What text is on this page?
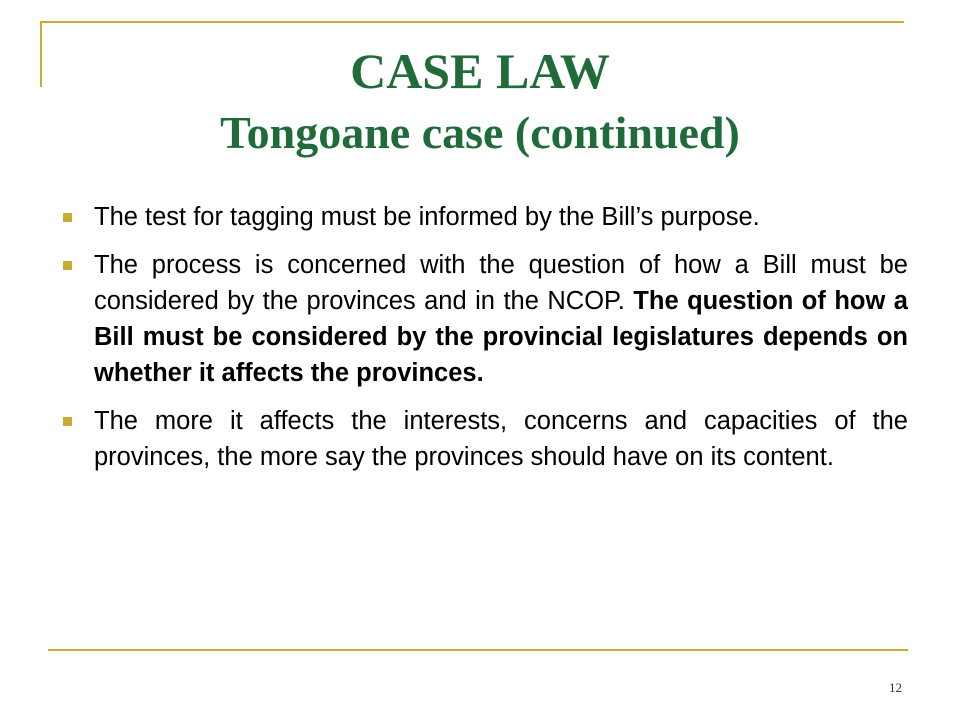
CASE LAW
Tongoane case (continued)
The test for tagging must be informed by the Bill’s purpose.
The process is concerned with the question of how a Bill must be considered by the provinces and in the NCOP. The question of how a Bill must be considered by the provincial legislatures depends on whether it affects the provinces.
The more it affects the interests, concerns and capacities of the provinces, the more say the provinces should have on its content.
12
